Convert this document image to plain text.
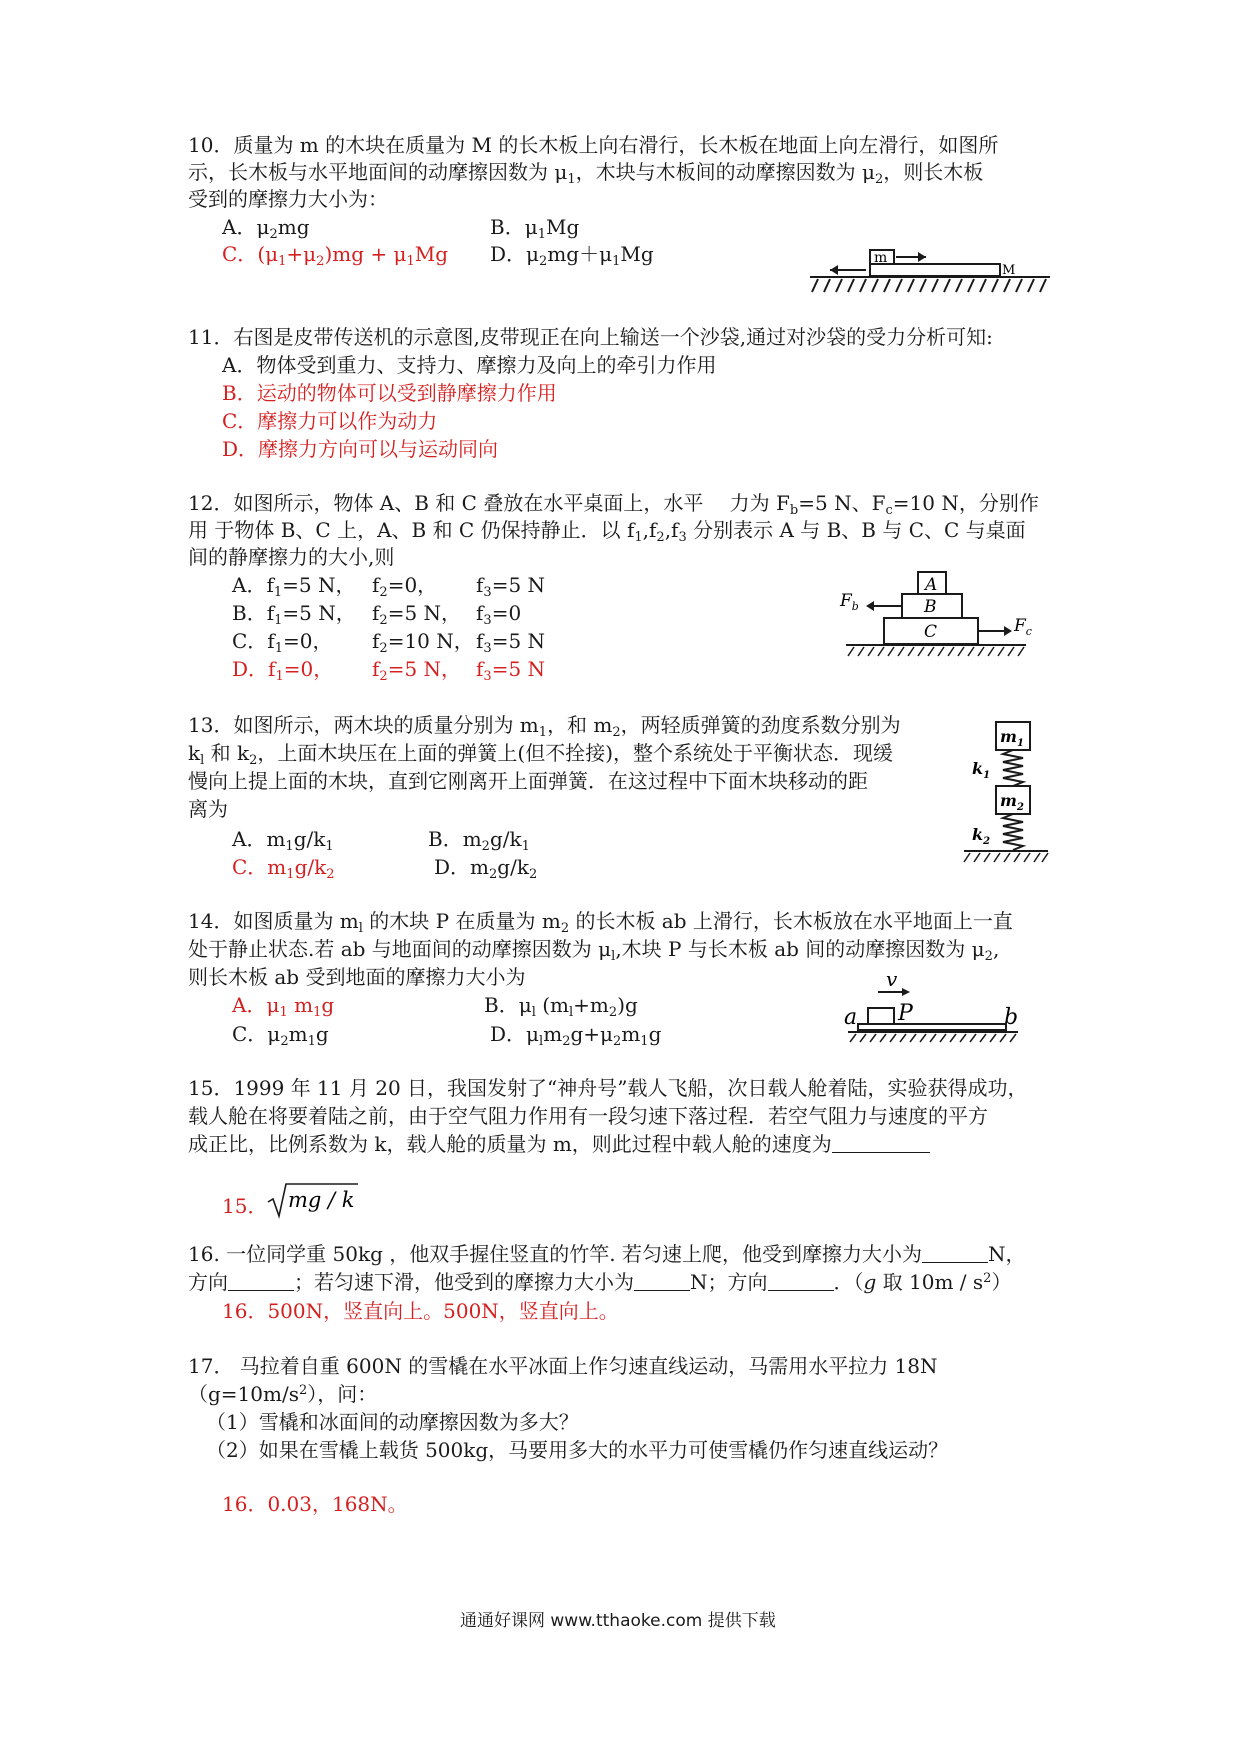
10．质量为 m 的木块在质量为 M 的长木板上向右滑行，长木板在地面上向左滑行，如图所
示，长木板与水平地面间的动摩擦因数为 $\mu_1$，木块与木板间的动摩擦因数为 $\mu_2$，则长木板
受到的摩擦力大小为：
A．$\mu_2mg$	B．$\mu_1Mg$
C．$(\mu_1+\mu_2)mg + \mu_1Mg$ D．$\mu_2mg+\mu_1Mg$	m
M
11．右图是皮带传送机的示意图,皮带现正在向上输送一个沙袋,通过对沙袋的受力分析可知:
A．物体受到重力、支持力、摩擦力及向上的牵引力作用
B．运动的物体可以受到静摩擦力作用
C．摩擦力可以作为动力
D．摩擦力方向可以与运动同向
12．如图所示，物体 A、B 和 C 叠放在水平桌面上，水平　 力为 $F_b=5$ N、$F_c=10$ N，分别作
用 于物体 B、C 上，A、B 和 C 仍保持静止．以 $f_1,f_2,f_3$ 分别表示 A 与 B、B 与 C、C 与桌面
间的静摩擦力的大小,则
A．$f_1=5$ N， $f_2=0$， $f_3=5$ N
B．$f_1=5$ N， $f_2=5$ N， $f_3=0$
C．$f_1=0$， $f_2=10$ N， $f_3=5$ N
D．$f_1=0$， $f_2=5$ N， $f_3=5$ N
A
B
C
$F_b$
$F_c$
13．如图所示，两木块的质量分别为 $m_1$，和 $m_2$，两轻质弹簧的劲度系数分别为
$k_l$ 和 $k_2$，上面木块压在上面的弹簧上(但不拴接)，整个系统处于平衡状态．现缓
慢向上提上面的木块，直到它刚离开上面弹簧．在这过程中下面木块移动的距
离为
A．$m_1g/k_1$	B．$m_2g/k_1$
C．$m_1g/k_2$	D．$m_2g/k_2$
$m_1$
$k_1$
$m_2$
$k_2$
14．如图质量为 $m_l$ 的木块 P 在质量为 $m_2$ 的长木板 ab 上滑行，长木板放在水平地面上一直
处于静止状态.若 ab 与地面间的动摩擦因数为 $\mu_l$,木块 P 与长木板 ab 间的动摩擦因数为 $\mu_2$,
则长木板 ab 受到地面的摩擦力大小为
A．$\mu_1$ $m_1g$	B．$\mu_l$ $(m_l+m_2)g$
C．$\mu_2m_1g$	D．$\mu_lm_2g+\mu_2m_1g$
v
P
a	b
15．1999 年 11 月 20 日，我国发射了“神舟号”载人飞船，次日载人舱着陆，实验获得成功，
载人舱在将要着陆之前，由于空气阻力作用有一段匀速下落过程．若空气阻力与速度的平方
成正比，比例系数为 k，载人舱的质量为 m，则此过程中载人舱的速度为
15． mg / k
16. 一位同学重 50kg ，他双手握住竖直的竹竿. 若匀速上爬，他受到摩擦力大小为	N，
方向	；若匀速下滑，他受到的摩擦力大小为	N；方向	．（g 取 $10m / s^2$）
16．500N，竖直向上。500N，竖直向上。
17． 马拉着自重 600N 的雪橇在水平冰面上作匀速直线运动，马需用水平拉力 18N
$(g=10m/s^2)$，问：
（1）雪橇和冰面间的动摩擦因数为多大？
（2）如果在雪橇上载货 500kg，马要用多大的水平力可使雪橇仍作匀速直线运动？
16．0.03，168N。
通通好课网 www.tthaoke.com 提供下载
